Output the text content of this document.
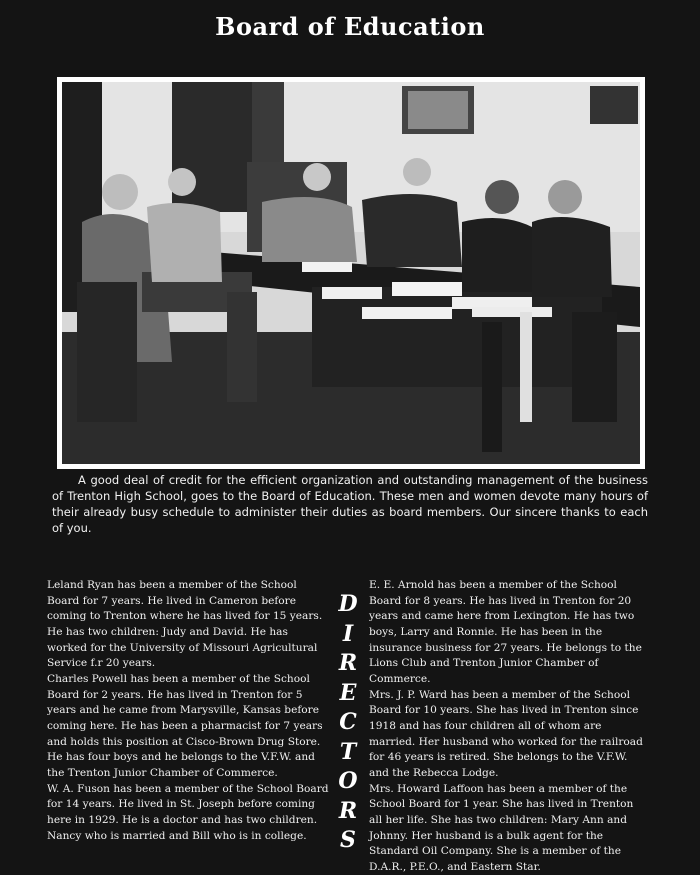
Board of Education

A good deal of credit for the efficient organization and outstanding management of the business of Trenton High School, goes to the Board of Education. These men and women devote many hours of their already busy schedule to administer their duties as board members. Our sincere thanks to each of you.

Leland Ryan has been a member of the School Board for 7 years. He lived in Cameron before coming to Trenton where he has lived for 15 years. He has two children: Judy and David. He has worked for the University of Missouri Agricultural Service f.r 20 years.

Charles Powell has been a member of the School Board for 2 years. He has lived in Trenton for 5 years and he came from Marysville, Kansas before coming here. He has been a pharmacist for 7 years and holds this position at Cisco-Brown Drug Store. He has four boys and he belongs to the V.F.W. and the Trenton Junior Chamber of Commerce.

W. A. Fuson has been a member of the School Board for 14 years. He lived in St. Joseph before coming here in 1929. He is a doctor and has two children. Nancy who is married and Bill who is in college.

D
I
R
E
C
T
O
R
S

E. E. Arnold has been a member of the School Board for 8 years. He has lived in Trenton for 20 years and came here from Lexington. He has two boys, Larry and Ronnie. He has been in the insurance business for 27 years. He belongs to the Lions Club and Trenton Junior Chamber of Commerce.

Mrs. J. P. Ward has been a member of the School Board for 10 years. She has lived in Trenton since 1918 and has four children all of whom are married. Her husband who worked for the railroad for 46 years is retired. She belongs to the V.F.W. and the Rebecca Lodge.

Mrs. Howard Laffoon has been a member of the School Board for 1 year. She has lived in Trenton all her life. She has two children: Mary Ann and Johnny. Her husband is a bulk agent for the Standard Oil Company. She is a member of the D.A.R., P.E.O., and Eastern Star.
